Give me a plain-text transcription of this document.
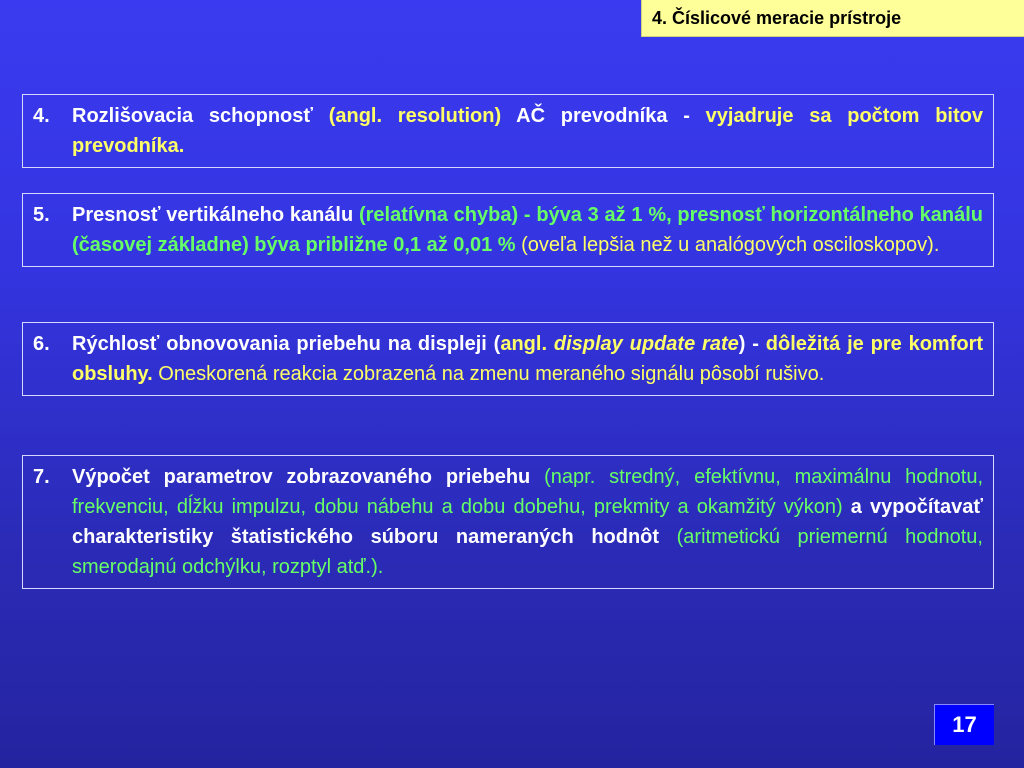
4. Číslicové meracie prístroje
4. Rozlišovacia schopnosť (angl. resolution) AČ prevodníka - vyjadruje sa počtom bitov prevodníka.
5. Presnosť vertikálneho kanálu (relatívna chyba) - býva 3 až 1 %, presnosť horizontálneho kanálu (časovej základne) býva približne 0,1 až 0,01 % (oveľa lepšia než u analógových osciloskopov).
6. Rýchlosť obnovovania priebehu na displeji (angl. display update rate) - dôležitá je pre komfort obsluhy. Oneskorená reakcia zobrazená na zmenu meraného signálu pôsobí rušivo.
7. Výpočet parametrov zobrazovaného priebehu (napr. stredný, efektívnu, maximálnu hodnotu, frekvenciu, dĺžku impulzu, dobu nábehu a dobu dobehu, prekmity a okamžitý výkon) a vypočítavať charakteristiky štatistického súboru nameraných hodnôt (aritmetickú priemernú hodnotu, smerodajnú odchýlku, rozptyl atď.).
17
